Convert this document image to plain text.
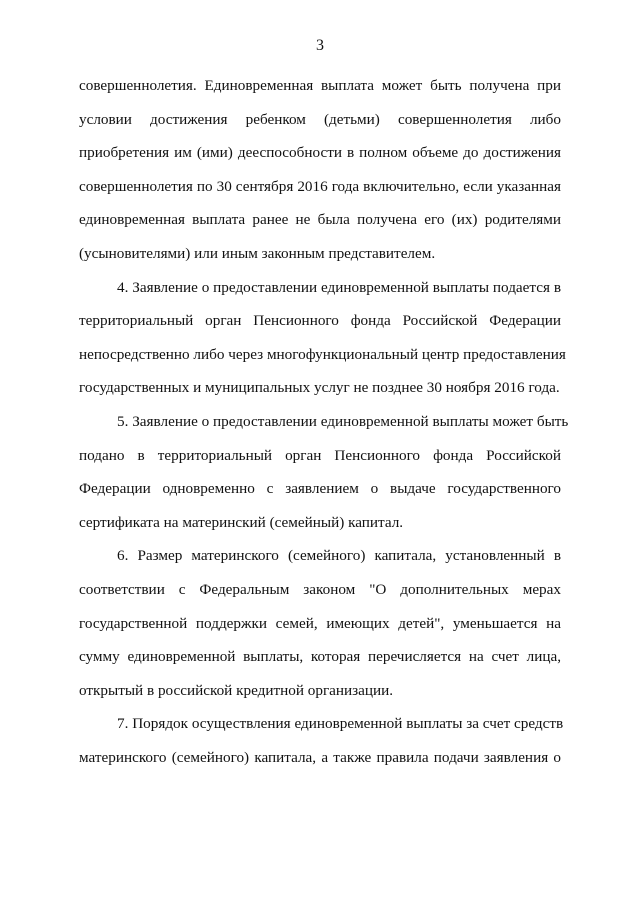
3
совершеннолетия. Единовременная выплата может быть получена при
условии достижения ребенком (детьми) совершеннолетия либо
приобретения им (ими) дееспособности в полном объеме до достижения
совершеннолетия по 30 сентября 2016 года включительно, если указанная
единовременная выплата ранее не была получена его (их) родителями
(усыновителями) или иным законным представителем.
4. Заявление о предоставлении единовременной выплаты подается в
территориальный орган Пенсионного фонда Российской Федерации
непосредственно либо через многофункциональный центр предоставления
государственных и муниципальных услуг не позднее 30 ноября 2016 года.
5. Заявление о предоставлении единовременной выплаты может быть
подано в территориальный орган Пенсионного фонда Российской
Федерации одновременно с заявлением о выдаче государственного
сертификата на материнский (семейный) капитал.
6. Размер материнского (семейного) капитала, установленный в
соответствии с Федеральным законом "О дополнительных мерах
государственной поддержки семей, имеющих детей", уменьшается на
сумму единовременной выплаты, которая перечисляется на счет лица,
открытый в российской кредитной организации.
7. Порядок осуществления единовременной выплаты за счет средств
материнского (семейного) капитала, а также правила подачи заявления о
